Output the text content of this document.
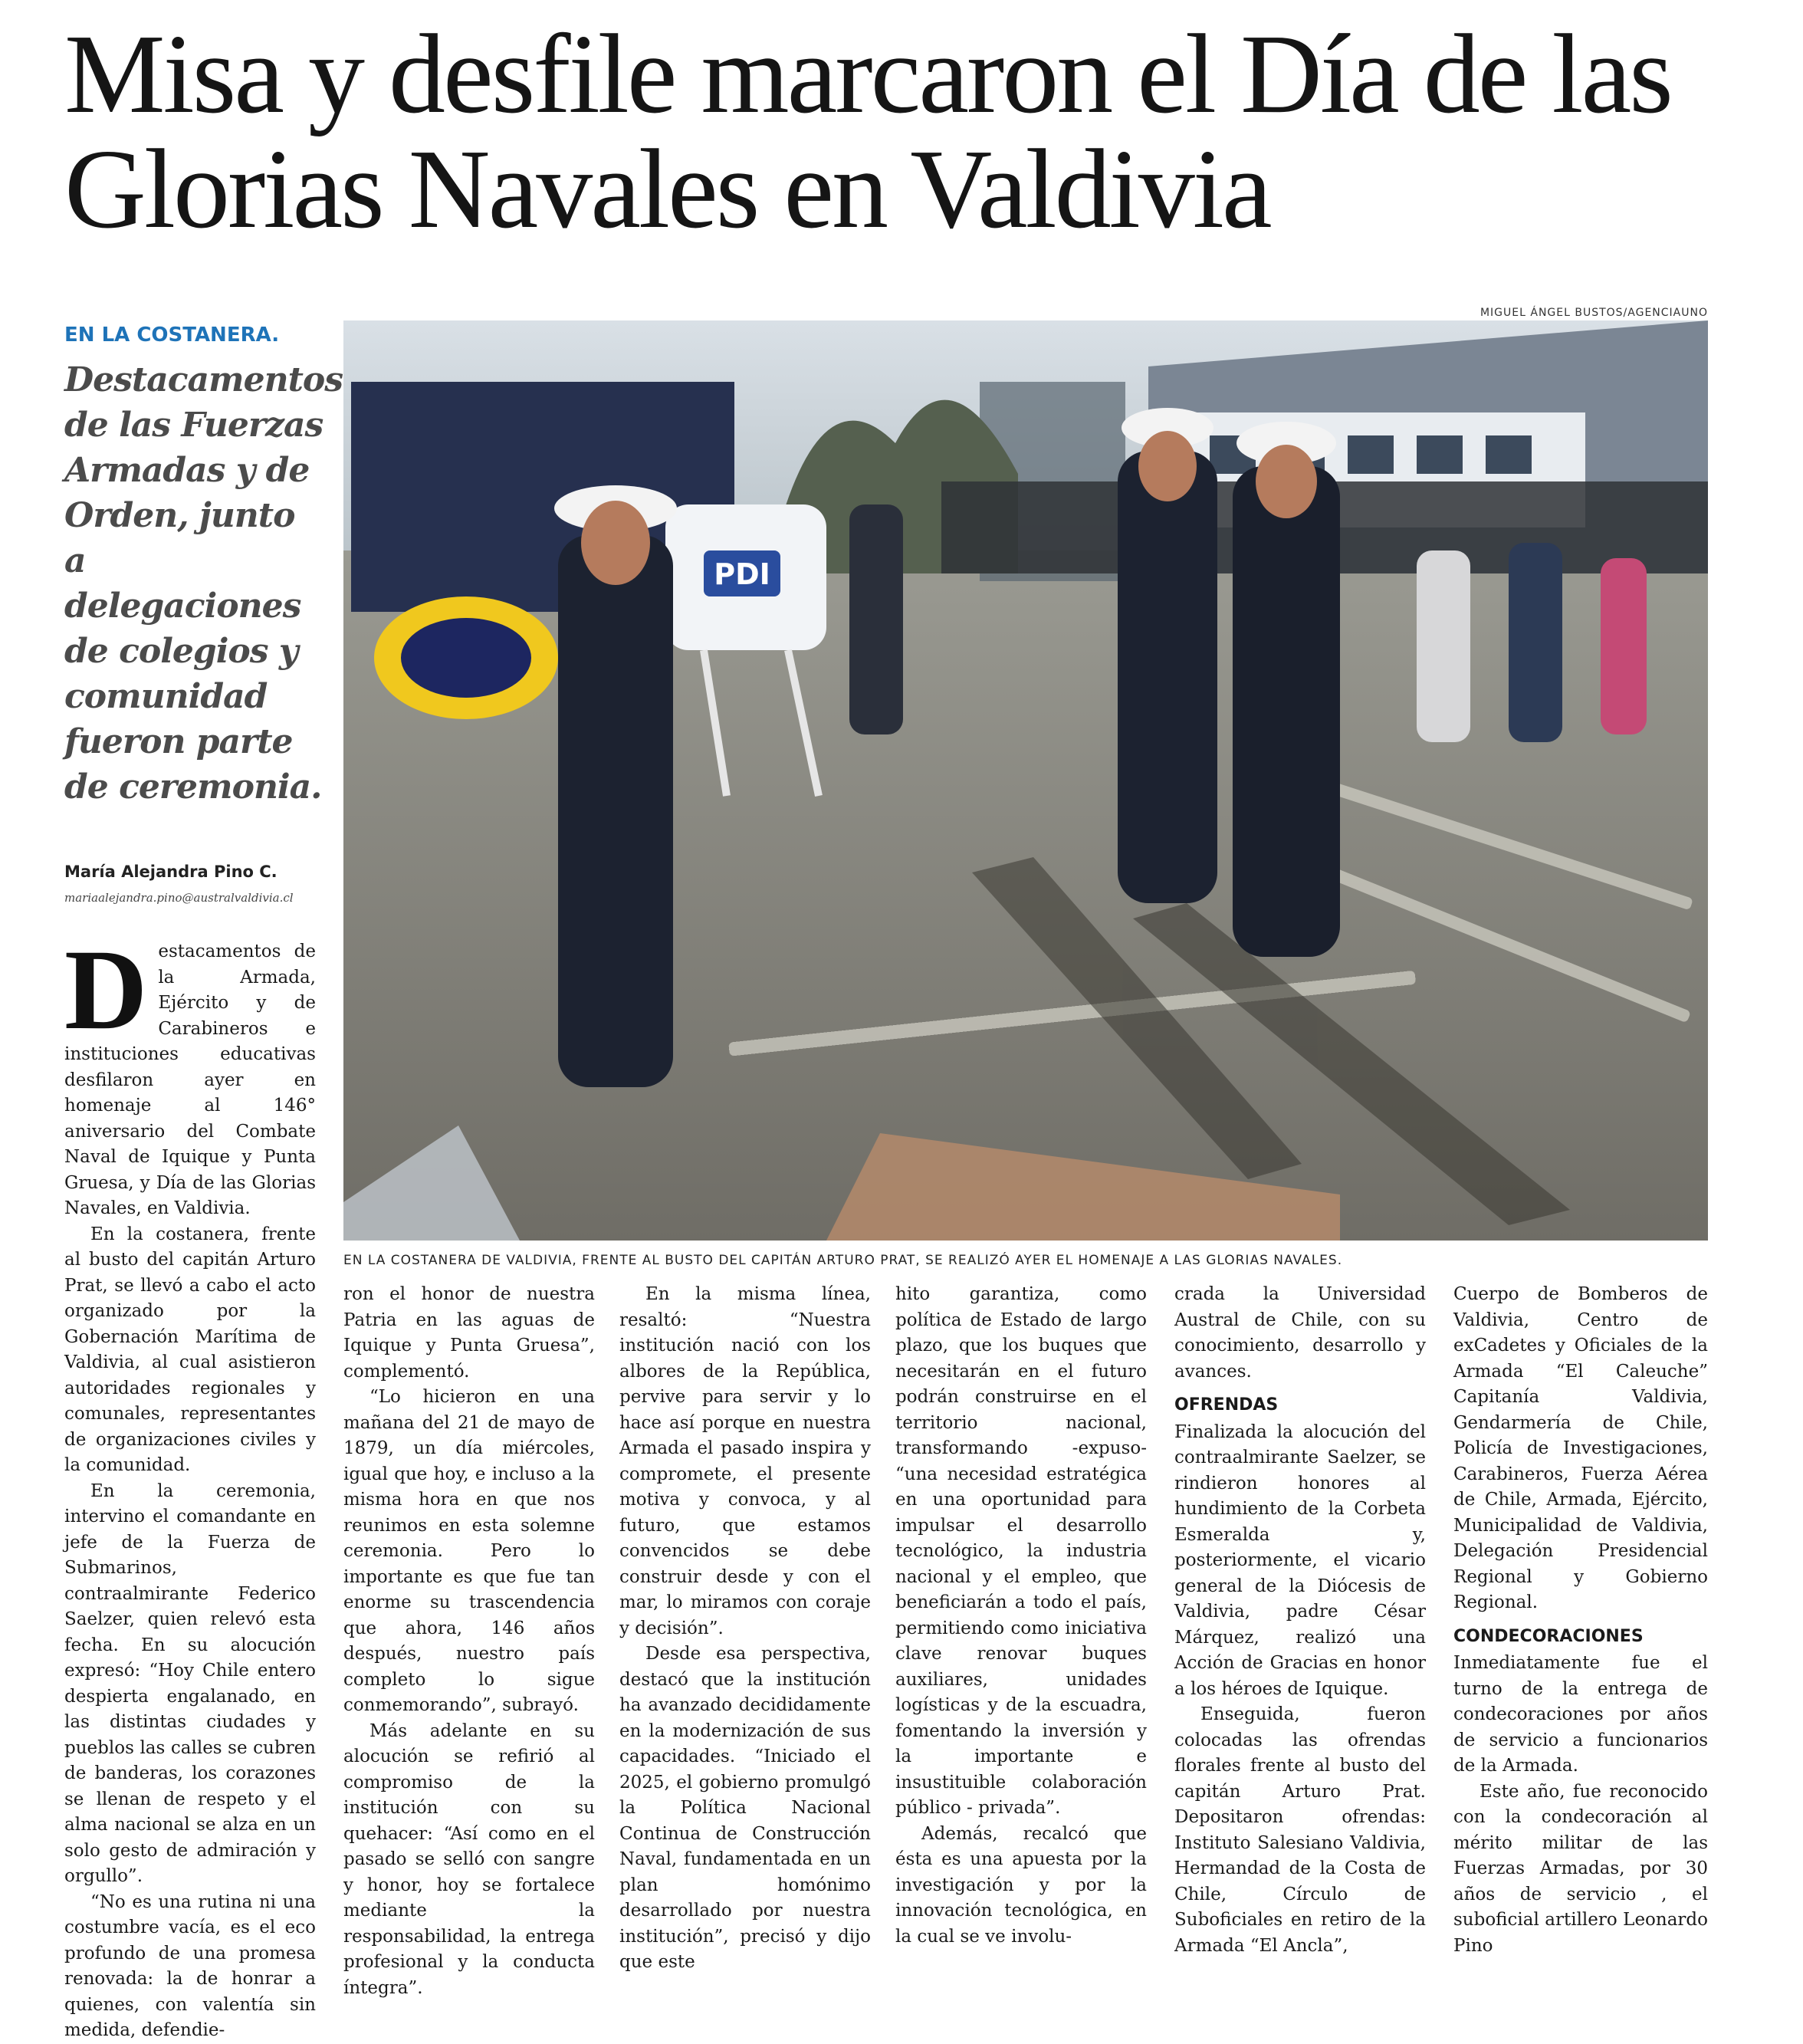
Misa y desfile marcaron el Día de las Glorias Navales en Valdivia
MIGUEL ÁNGEL BUSTOS/AGENCIAUNO
EN LA COSTANERA.

Destacamentos de las Fuerzas Armadas y de Orden, junto a delegaciones de colegios y comunidad fueron parte de ceremonia.

María Alejandra Pino C.
mariaalejandra.pino@australvaldivia.cl
PDI

EN LA COSTANERA DE VALDIVIA, FRENTE AL BUSTO DEL CAPITÁN ARTURO PRAT, SE REALIZÓ AYER EL HOMENAJE A LAS GLORIAS NAVALES.

Destacamentos de la Armada, Ejército y de Carabineros e instituciones educativas desfilaron ayer en homenaje al 146° aniversario del Combate Naval de Iquique y Punta Gruesa, y Día de las Glorias Navales, en Valdivia.

En la costanera, frente al busto del capitán Arturo Prat, se llevó a cabo el acto organizado por la Gobernación Marítima de Valdivia, al cual asistieron autoridades regionales y comunales, representantes de organizaciones civiles y la comunidad.

En la ceremonia, intervino el comandante en jefe de la Fuerza de Submarinos, contraalmirante Federico Saelzer, quien relevó esta fecha. En su alocución expresó: “Hoy Chile entero despierta engalanado, en las distintas ciudades y pueblos las calles se cubren de banderas, los corazones se llenan de respeto y el alma nacional se alza en un solo gesto de admiración y orgullo”.

“No es una rutina ni una costumbre vacía, es el eco profundo de una promesa renovada: la de honrar a quienes, con valentía sin medida, defendie-

ron el honor de nuestra Patria en las aguas de Iquique y Punta Gruesa”, complementó.

“Lo hicieron en una mañana del 21 de mayo de 1879, un día miércoles, igual que hoy, e incluso a la misma hora en que nos reunimos en esta solemne ceremonia. Pero lo importante es que fue tan enorme su trascendencia que ahora, 146 años después, nuestro país completo lo sigue conmemorando”, subrayó.

Más adelante en su alocución se refirió al compromiso de la institución con su quehacer: “Así como en el pasado se selló con sangre y honor, hoy se fortalece mediante la responsabilidad, la entrega profesional y la conducta íntegra”.

En la misma línea, resaltó: “Nuestra institución nació con los albores de la República, pervive para servir y lo hace así porque en nuestra Armada el pasado inspira y compromete, el presente motiva y convoca, y al futuro, que estamos convencidos se debe construir desde y con el mar, lo miramos con coraje y decisión”.

Desde esa perspectiva, destacó que la institución ha avanzado decididamente en la modernización de sus capacidades. “Iniciado el 2025, el gobierno promulgó la Política Nacional Continua de Construcción Naval, fundamentada en un plan homónimo desarrollado por nuestra institución”, precisó y dijo que este

hito garantiza, como política de Estado de largo plazo, que los buques que necesitarán en el futuro podrán construirse en el territorio nacional, transformando -expuso- “una necesidad estratégica en una oportunidad para impulsar el desarrollo tecnológico, la industria nacional y el empleo, que beneficiarán a todo el país, permitiendo como iniciativa clave renovar buques auxiliares, unidades logísticas y de la escuadra, fomentando la inversión y la importante e insustituible colaboración público - privada”.

Además, recalcó que ésta es una apuesta por la investigación y por la innovación tecnológica, en la cual se ve involu-

crada la Universidad Austral de Chile, con su conocimiento, desarrollo y avances.

OFRENDAS

Finalizada la alocución del contraalmirante Saelzer, se rindieron honores al hundimiento de la Corbeta Esmeralda y, posteriormente, el vicario general de la Diócesis de Valdivia, padre César Márquez, realizó una Acción de Gracias en honor a los héroes de Iquique.

Enseguida, fueron colocadas las ofrendas florales frente al busto del capitán Arturo Prat. Depositaron ofrendas: Instituto Salesiano Valdivia, Hermandad de la Costa de Chile, Círculo de Suboficiales en retiro de la Armada “El Ancla”,

Cuerpo de Bomberos de Valdivia, Centro de exCadetes y Oficiales de la Armada “El Caleuche” Capitanía Valdivia, Gendarmería de Chile, Policía de Investigaciones, Carabineros, Fuerza Aérea de Chile, Armada, Ejército, Municipalidad de Valdivia, Delegación Presidencial Regional y Gobierno Regional.

CONDECORACIONES

Inmediatamente fue el turno de la entrega de condecoraciones por años de servicio a funcionarios de la Armada.

Este año, fue reconocido con la condecoración al mérito militar de las Fuerzas Armadas, por 30 años de servicio , el suboficial artillero Leonardo Pino
